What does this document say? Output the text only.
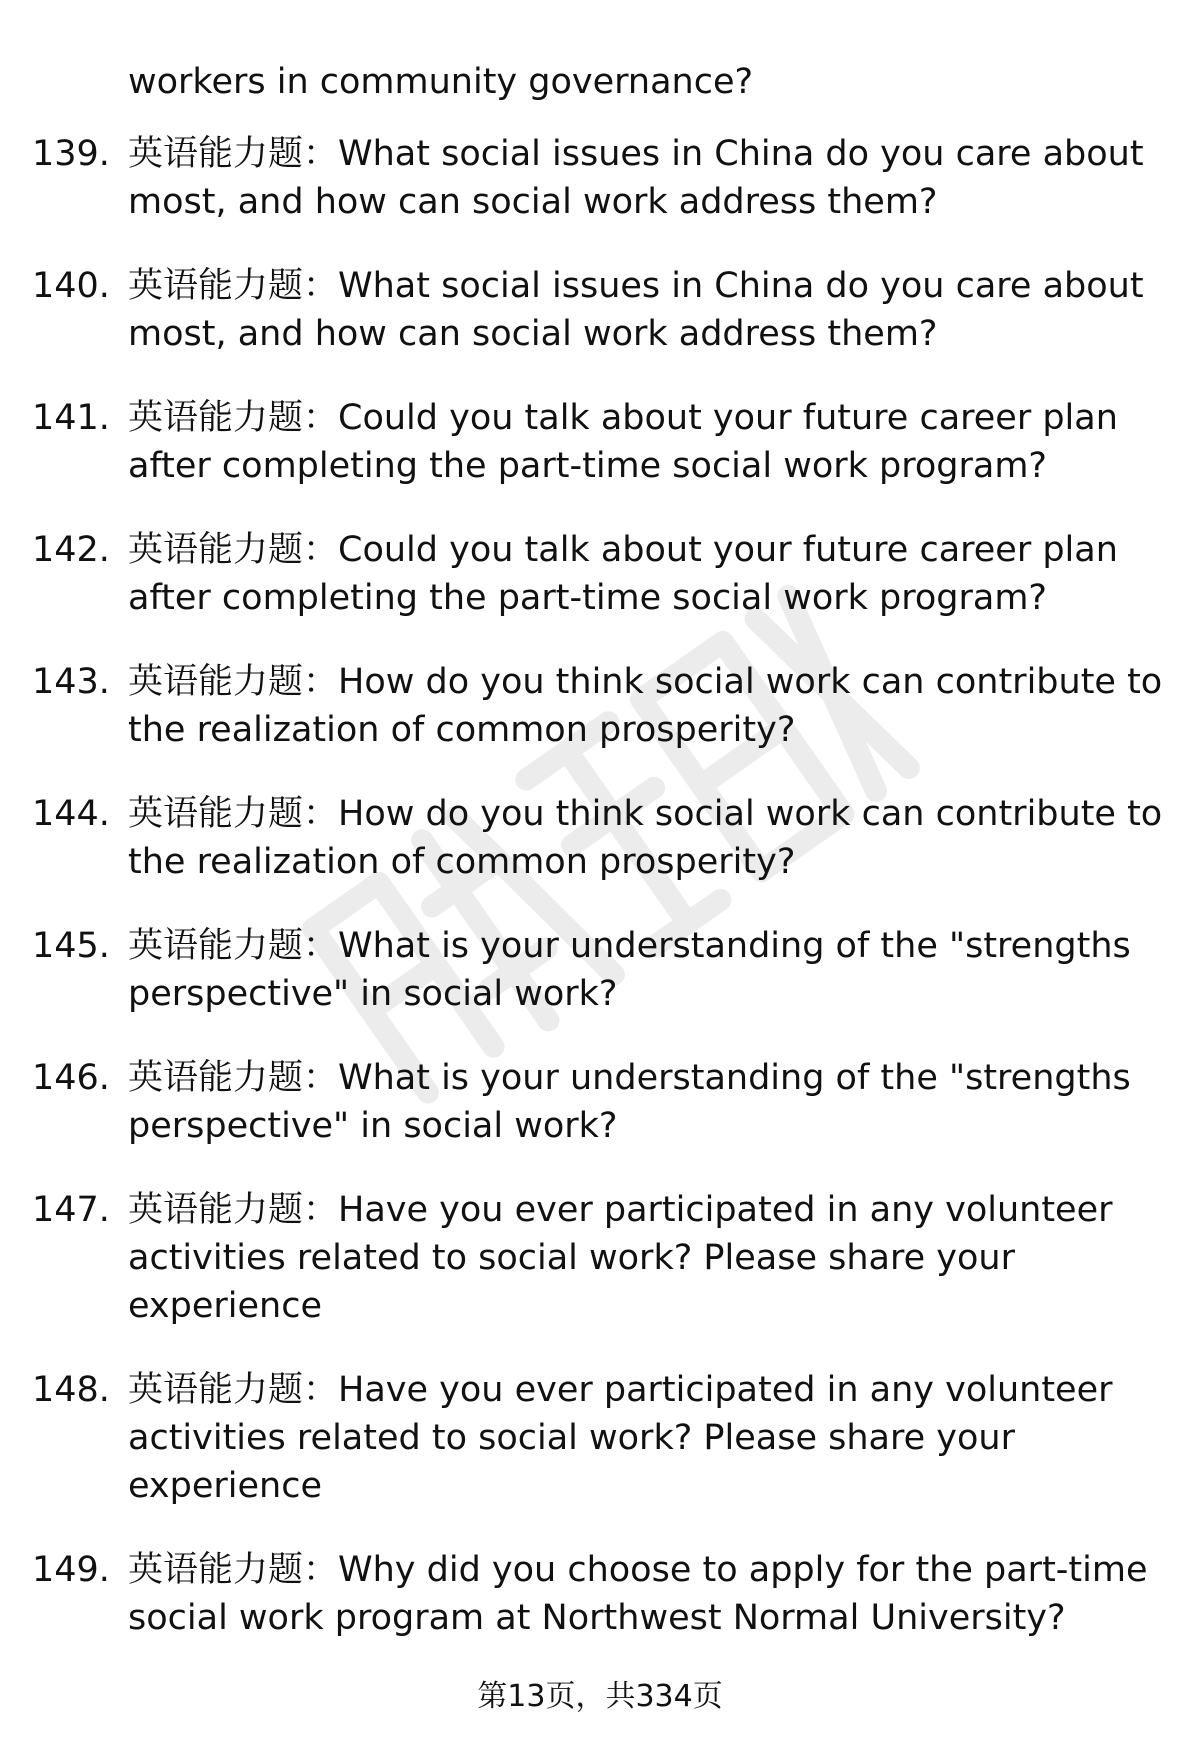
workers in community governance?
139. 英语能力题：What social issues in China do you care about most, and how can social work address them?
140. 英语能力题：What social issues in China do you care about most, and how can social work address them?
141. 英语能力题：Could you talk about your future career plan after completing the part-time social work program?
142. 英语能力题：Could you talk about your future career plan after completing the part-time social work program?
143. 英语能力题：How do you think social work can contribute to the realization of common prosperity?
144. 英语能力题：How do you think social work can contribute to the realization of common prosperity?
145. 英语能力题：What is your understanding of the "strengths perspective" in social work?
146. 英语能力题：What is your understanding of the "strengths perspective" in social work?
147. 英语能力题：Have you ever participated in any volunteer activities related to social work? Please share your experience
148. 英语能力题：Have you ever participated in any volunteer activities related to social work? Please share your experience
149. 英语能力题：Why did you choose to apply for the part-time social work program at Northwest Normal University?
第13页，共334页
